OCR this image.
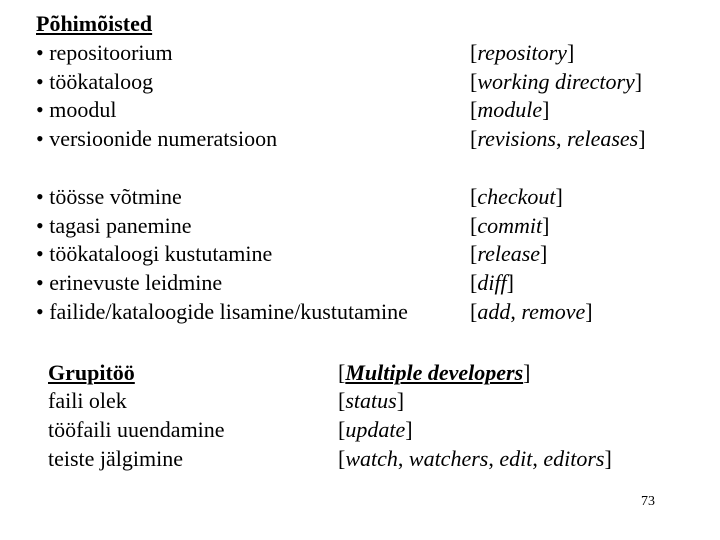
Põhimõisted
• repositoorium
• töökataloog
• moodul
• versioonide numeratsioon
[repository]
[working directory]
[module]
[revisions, releases]
• töösse võtmine
• tagasi panemine
• töökataloogi kustutamine
• erinevuste leidmine
• failide/kataloogide lisamine/kustutamine
[checkout]
[commit]
[release]
[diff]
[add, remove]
Grupitöö
faili olek
tööfaili uuendamine
teiste jälgimine
[Multiple developers]
[status]
[update]
[watch, watchers, edit, editors]
73
